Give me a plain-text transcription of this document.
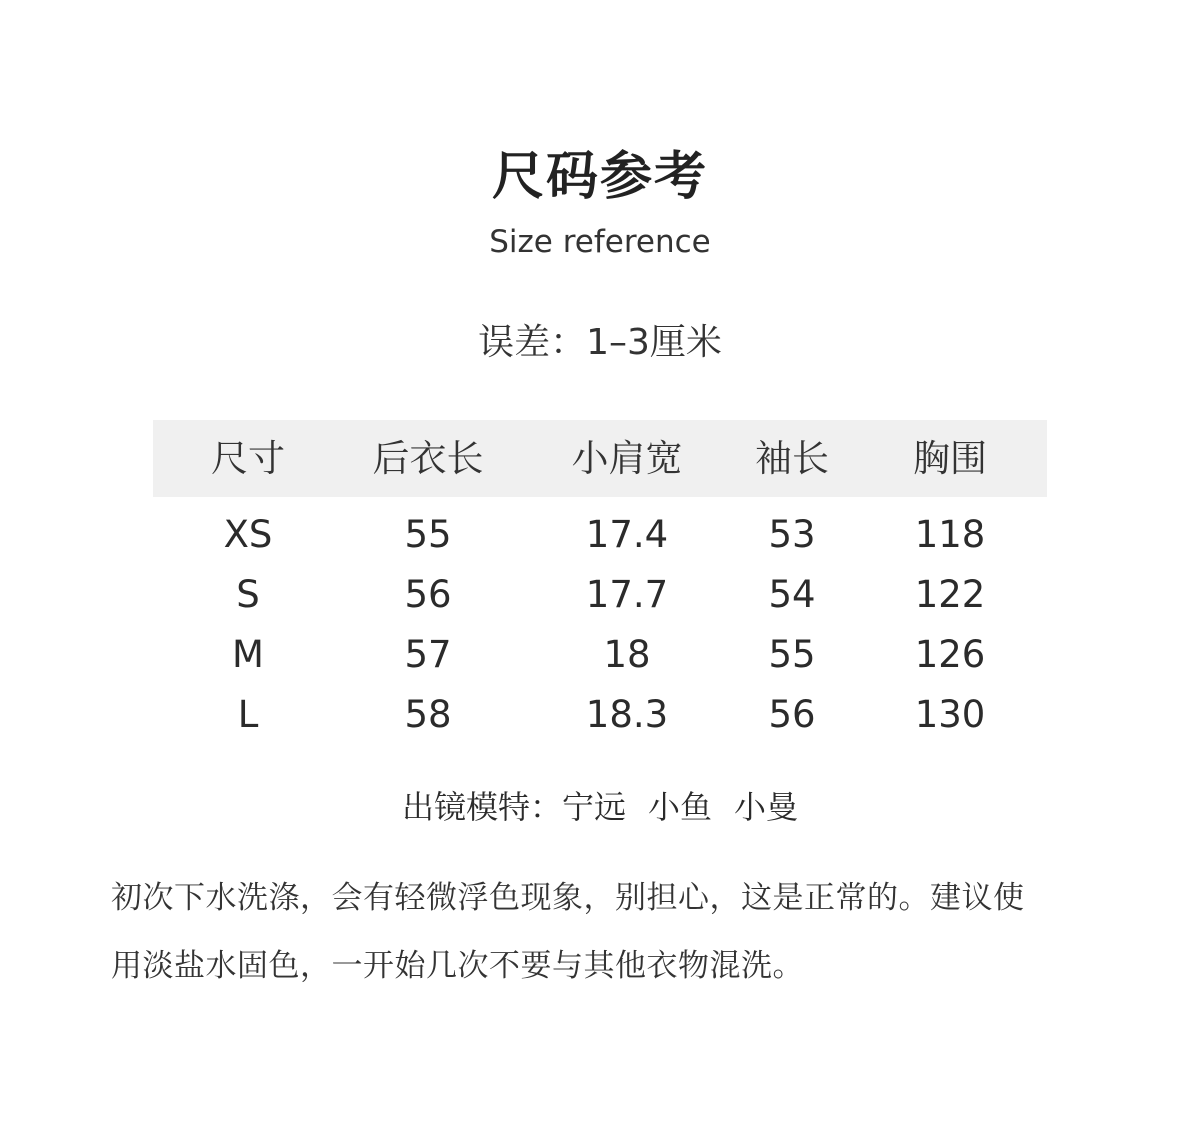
尺码参考
Size reference
误差：1–3厘米
尺寸 后衣长 小肩宽 袖长 胸围
XS	55	17.4	53	118
S	56	17.7	54	122
M	57	18	55	126
L	58	18.3	56	130
出镜模特：宁远 小鱼 小曼
初次下水洗涤，会有轻微浮色现象，别担心，这是正常的。建议使
用淡盐水固色，一开始几次不要与其他衣物混洗。
